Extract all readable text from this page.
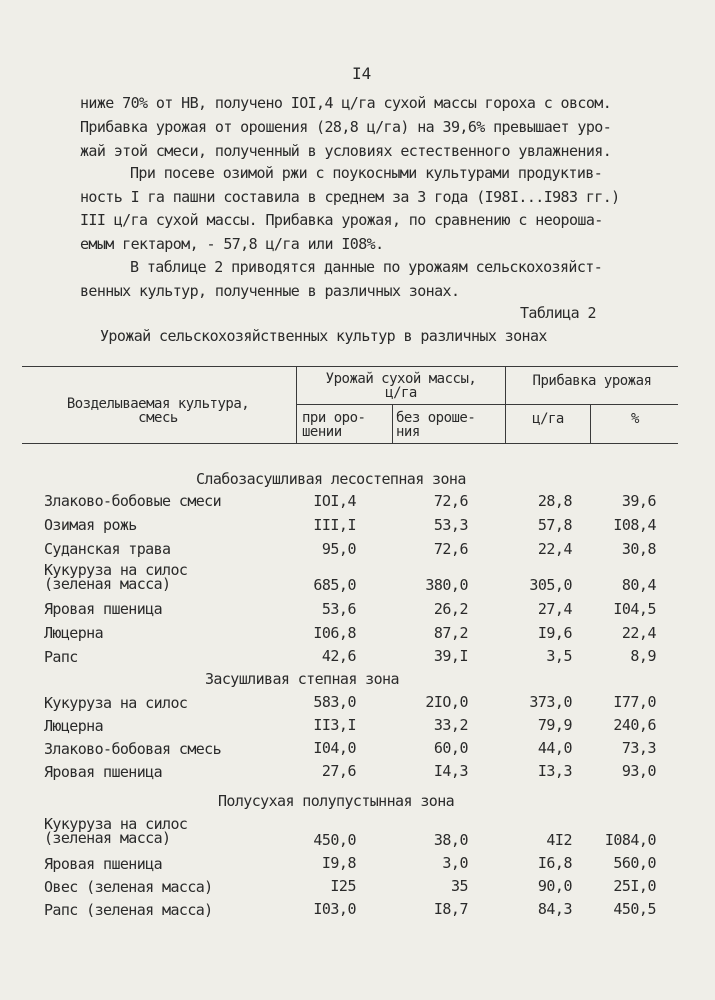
I4
ниже 70% от НВ, получено IOI,4 ц/га сухой массы гороха с овсом.
Прибавка урожая от орошения (28,8 ц/га) на 39,6% превышает уро-
жай этой смеси, полученный в условиях естественного увлажнения.
При посеве озимой ржи с поукосными культурами продуктив-
ность I га пашни составила в среднем за 3 года (I98I...I983 гг.)
III ц/га сухой массы. Прибавка урожая, по сравнению с неороша-
емым гектаром, - 57,8 ц/га или I08%.
В таблице 2 приводятся данные по урожаям сельскохозяйст-
венных культур, полученные в различных зонах.
Таблица 2
Урожай сельскохозяйственных культур в различных зонах
Возделываемая культура,
смесь
Урожай сухой массы,
ц/га
Прибавка урожая
при оро-
шении
без ороше-
ния
ц/га	%
Слабозасушливая лесостепная зона
Засушливая степная зона
Полусухая полупустынная зона
Злаково-бобовые смеси	IOI,4	72,6	28,8	39,6
Озимая рожь	III,I	53,3	57,8	I08,4
Суданская трава	95,0	72,6	22,4	30,8
Кукуруза на силос
(зеленая масса)	685,0	380,0	305,0	80,4
Яровая пшеница	53,6	26,2	27,4	I04,5
Люцерна	I06,8	87,2	I9,6	22,4
Рапс	42,6	39,I	3,5	8,9
Кукуруза на силос	583,0	2IO,0	373,0	I77,0
Люцерна	II3,I	33,2	79,9	240,6
Злаково-бобовая смесь	I04,0	60,0	44,0	73,3
Яровая пшеница	27,6	I4,3	I3,3	93,0
Кукуруза на силос
(зеленая масса)	450,0	38,0	4I2	I084,0
Яровая пшеница	I9,8	3,0	I6,8	560,0
Овес (зеленая масса)	I25	35	90,0	25I,0
Рапс (зеленая масса)	I03,0	I8,7	84,3	450,5
